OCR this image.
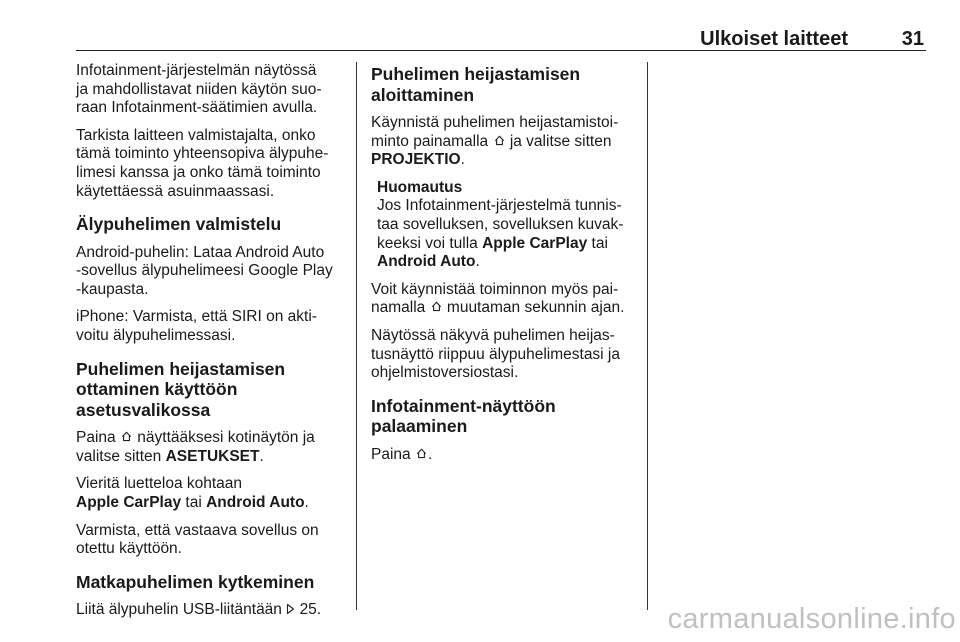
Ulkoiset laitteet	31

Infotainment-järjestelmän näytössä
ja mahdollistavat niiden käytön suo-
raan Infotainment-säätimien avulla.

Tarkista laitteen valmistajalta, onko
tämä toiminto yhteensopiva älypuhe-
limesi kanssa ja onko tämä toiminto
käytettäessä asuinmaassasi.

Älypuhelimen valmistelu

Android-puhelin: Lataa Android Auto
-sovellus älypuhelimeesi Google Play
-kaupasta.

iPhone: Varmista, että SIRI on akti-
voitu älypuhelimessasi.

Puhelimen heijastamisen
ottaminen käyttöön
asetusvalikossa

Paina näyttääksesi kotinäytön ja
valitse sitten ASETUKSET.

Vieritä luetteloa kohtaan
Apple CarPlay tai Android Auto.

Varmista, että vastaava sovellus on
otettu käyttöön.

Matkapuhelimen kytkeminen

Liitä älypuhelin USB-liitäntään 25.

Puhelimen heijastamisen
aloittaminen

Käynnistä puhelimen heijastamistoi-
minto painamalla ja valitse sitten
PROJEKTIO.

Huomautus
Jos Infotainment-järjestelmä tunnis-
taa sovelluksen, sovelluksen kuvak-
keeksi voi tulla Apple CarPlay tai
Android Auto.

Voit käynnistää toiminnon myös pai-
namalla muutaman sekunnin ajan.

Näytössä näkyvä puhelimen heijas-
tusnäyttö riippuu älypuhelimestasi ja
ohjelmistoversiostasi.

Infotainment-näyttöön
palaaminen

Paina .

carmanualsonline.info
